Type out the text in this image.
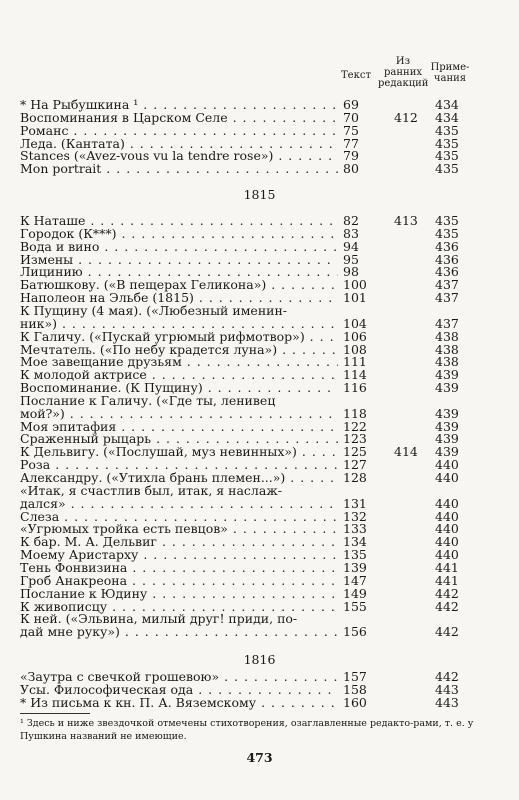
Текст
Из ранних редакций
Приме- чания
* На Рыбушкина ¹ . . .	69	434
Воспоминания в Царском Селе . . .	70	412	434
Романс . . .	75	435
Леда. (Кантата) . . .	77	435
Stances («Avez-vous vu la tendre rose») . . .	79	435
Mon portrait . . .	80	435
1815
К Наташе . . .	82	413	435
Городок (К***) . . .	83	435
Вода и вино . . .	94	436
Измены . . .	95	436
Лицинию . . .	98	436
Батюшкову. («В пещерах Геликона») . . .	100	437
Наполеон на Эльбе (1815) . . .	101	437
К Пущину (4 мая). («Любезный именин-
ник») . . .	104	437
К Галичу. («Пускай угрюмый рифмотвор») . . .	106	438
Мечтатель. («По небу крадется луна») . . .	108	438
Мое завещание друзьям . . .	111	438
К молодой актрисе . . .	114	439
Воспоминание. (К Пущину) . . .	116	439
Послание к Галичу. («Где ты, ленивец
мой?») . . .	118	439
Моя эпитафия . . .	122	439
Сраженный рыцарь . . .	123	439
К Дельвигу. («Послушай, муз невинных») . . .	125	414	439
Роза . . .	127	440
Александру. («Утихла брань племен...») . . .	128	440
«Итак, я счастлив был, итак, я наслаж-
дался» . . .	131	440
Слеза . . .	132	440
«Угрюмых тройка есть певцов» . . .	133	440
К бар. М. А. Дельвиг . . .	134	440
Моему Аристарху . . .	135	440
Тень Фонвизина . . .	139	441
Гроб Анакреона . . .	147	441
Послание к Юдину . . .	149	442
К живописцу . . .	155	442
К ней. («Эльвина, милый друг! приди, по-
дай мне руку») . . .	156	442
1816
«Заутра с свечкой грошевою» . . .	157	442
Усы. Философическая ода . . .	158	443
* Из письма к кн. П. А. Вяземскому . . .	160	443
¹ Здесь и ниже звездочкой отмечены стихотворения, озаглавленные редакто-рами, т. е. у Пушкина названий не имеющие.
473
